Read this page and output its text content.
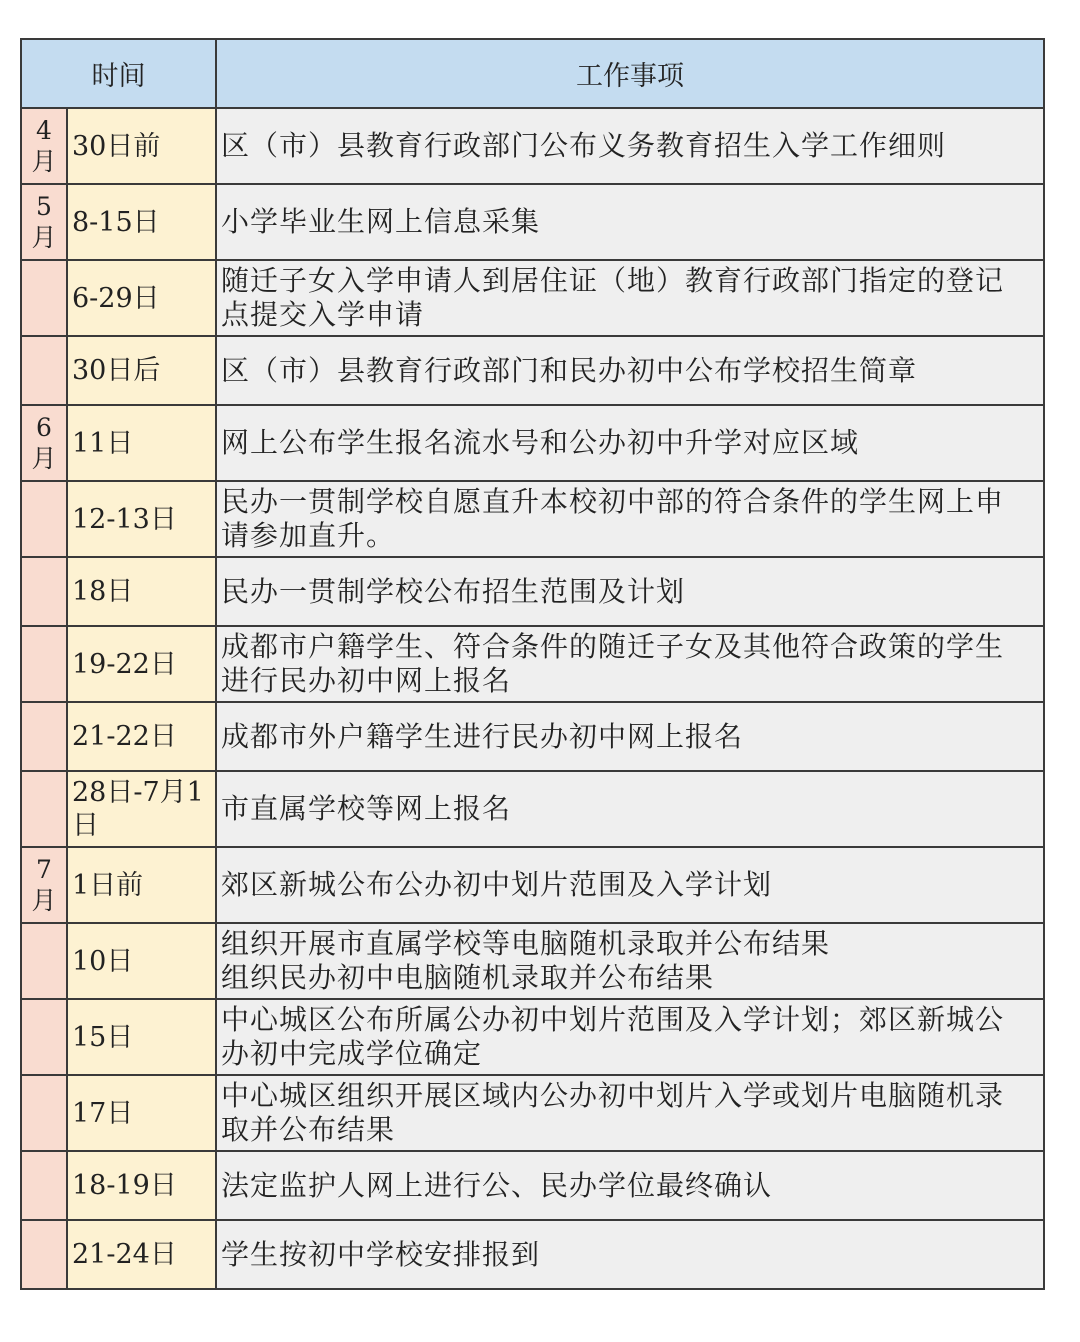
时间		工作事项

4
月	30日前	区（市）县教育行政部门公布义务教育招生入学工作细则

5
月	8-15日	小学毕业生网上信息采集

	6-29日	随迁子女入学申请人到居住证（地）教育行政部门指定的登记
点提交入学申请

	30日后	区（市）县教育行政部门和民办初中公布学校招生简章

6
月	11日	网上公布学生报名流水号和公办初中升学对应区域

	12-13日	民办一贯制学校自愿直升本校初中部的符合条件的学生网上申
请参加直升。

	18日	民办一贯制学校公布招生范围及计划

	19-22日	成都市户籍学生、符合条件的随迁子女及其他符合政策的学生
进行民办初中网上报名

	21-22日	成都市外户籍学生进行民办初中网上报名

	28日-7月1日	市直属学校等网上报名

7
月	1日前	郊区新城公布公办初中划片范围及入学计划

	10日	组织开展市直属学校等电脑随机录取并公布结果
组织民办初中电脑随机录取并公布结果

	15日	中心城区公布所属公办初中划片范围及入学计划；郊区新城公
办初中完成学位确定

	17日	中心城区组织开展区域内公办初中划片入学或划片电脑随机录
取并公布结果

	18-19日	法定监护人网上进行公、民办学位最终确认

	21-24日	学生按初中学校安排报到
